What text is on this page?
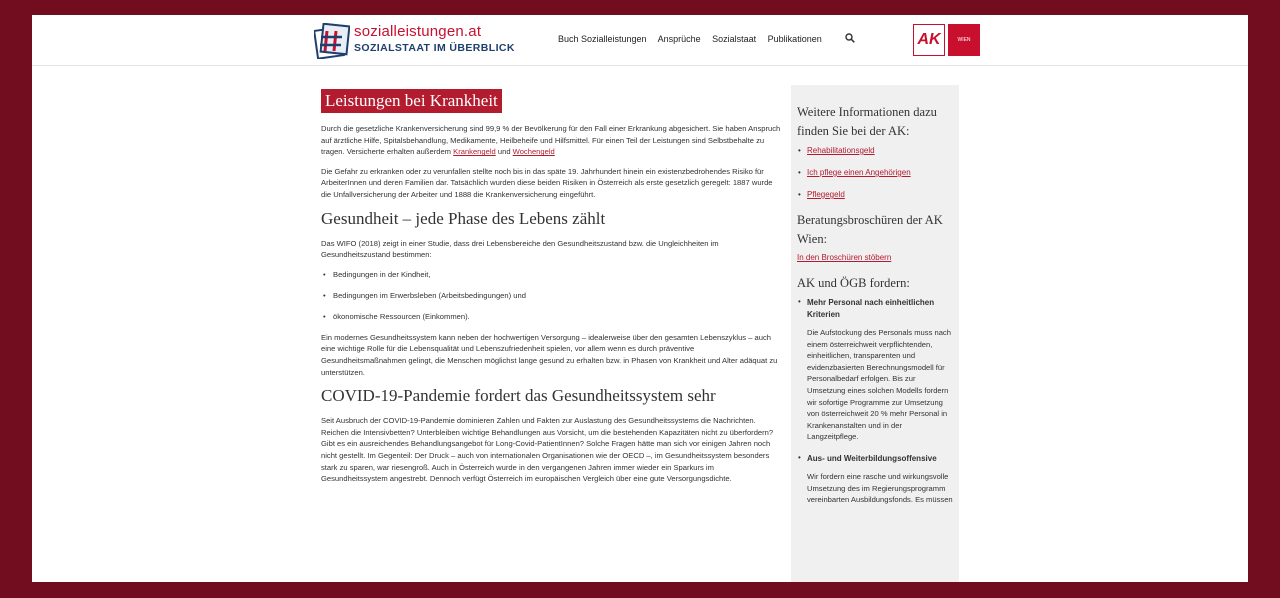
sozialleistungen.at
SOZIALSTAAT IM ÜBERBLICK
Buch Sozialleistungen Ansprüche Sozialstaat Publikationen	AK	WIEN
Leistungen bei Krankheit

Durch die gesetzliche Krankenversicherung sind 99,9 % der Bevölkerung für den Fall einer Erkrankung abgesichert. Sie haben Anspruch auf ärztliche Hilfe, Spitalsbehandlung, Medikamente, Heilbeheife und Hilfsmittel. Für einen Teil der Leistungen sind Selbstbehalte zu tragen. Versicherte erhalten außerdem Krankengeld und Wochengeld

Die Gefahr zu erkranken oder zu verunfallen stellte noch bis in das späte 19. Jahrhundert hinein ein existenzbedrohendes Risiko für ArbeiterInnen und deren Familien dar. Tatsächlich wurden diese beiden Risiken in Österreich als erste gesetzlich geregelt: 1887 wurde die Unfallversicherung der Arbeiter und 1888 die Krankenversicherung eingeführt.

Gesundheit – jede Phase des Lebens zählt

Das WIFO (2018) zeigt in einer Studie, dass drei Lebensbereiche den Gesundheitszustand bzw. die Ungleichheiten im Gesundheitszustand bestimmen:

• Bedingungen in der Kindheit,
• Bedingungen im Erwerbsleben (Arbeitsbedingungen) und
• ökonomische Ressourcen (Einkommen).

Ein modernes Gesundheitssystem kann neben der hochwertigen Versorgung – idealerweise über den gesamten Lebenszyklus – auch eine wichtige Rolle für die Lebensqualität und Lebenszufriedenheit spielen, vor allem wenn es durch präventive Gesundheitsmaßnahmen gelingt, die Menschen möglichst lange gesund zu erhalten bzw. in Phasen von Krankheit und Alter adäquat zu unterstützen.

COVID-19-Pandemie fordert das Gesundheitssystem sehr

Seit Ausbruch der COVID-19-Pandemie dominieren Zahlen und Fakten zur Auslastung des Gesundheitssystems die Nachrichten. Reichen die Intensivbetten? Unterbleiben wichtige Behandlungen aus Vorsicht, um die bestehenden Kapazitäten nicht zu überfordern? Gibt es ein ausreichendes Behandlungsangebot für Long-Covid-PatientInnen? Solche Fragen hätte man sich vor einigen Jahren noch nicht gestellt. Im Gegenteil: Der Druck – auch von internationalen Organisationen wie der OECD –, im Gesundheitssystem besonders stark zu sparen, war riesengroß. Auch in Österreich wurde in den vergangenen Jahren immer wieder ein Sparkurs im Gesundheitssystem angestrebt. Dennoch verfügt Österreich im europäischen Vergleich über eine gute Versorgungsdichte.

Weitere Informationen dazu finden Sie bei der AK:
• Rehabilitationsgeld
• Ich pflege einen Angehörigen
• Pflegegeld
Beratungsbroschüren der AK Wien:
In den Broschüren stöbern
AK und ÖGB fordern:
• Mehr Personal nach einheitlichen Kriterien
Die Aufstockung des Personals muss nach einem österreichweit verpflichtenden, einheitlichen, transparenten und evidenzbasierten Berechnungsmodell für Personalbedarf erfolgen. Bis zur Umsetzung eines solchen Modells fordern wir sofortige Programme zur Umsetzung von österreichweit 20 % mehr Personal in Krankenanstalten und in der Langzeitpflege.
• Aus- und Weiterbildungsoffensive
Wir fordern eine rasche und wirkungsvolle Umsetzung des im Regierungsprogramm vereinbarten Ausbildungsfonds. Es müssen
